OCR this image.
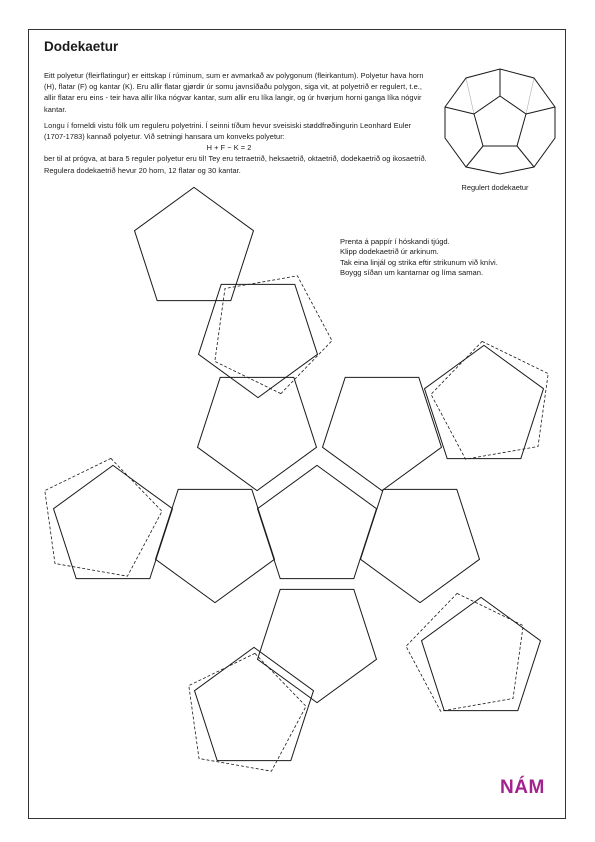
Dodekaetur

Eitt polyetur (fleirflatingur) er eittskap í rúminum, sum er avmarkað av polygonum (fleirkantum). Polyetur hava horn (H), flatar (F) og kantar (K). Eru allir flatar gjørdir úr somu javnsíðaðu polygon, siga vit, at polyetrið er regulert, t.e., allir flatar eru eins - teir hava allir líka nógvar kantar, sum allir eru líka langir, og úr hvørjum horni ganga líka nógvir kantar.

Longu í forneldi vistu fólk um reguleru polyetrini. Í seinni tíðum hevur sveisiski støddfrøðingurin Leonhard Euler (1707-1783) kannað polyetur. Við setningi hansara um konveks polyetur:

H + F − K = 2

ber til at prógva, at bara 5 reguler polyetur eru til! Tey eru tetraetrið, heksaetrið, oktaetrið, dodekaetrið og ikosaetrið. Regulera dodekaetrið hevur 20 horn, 12 flatar og 30 kantar.

Regulert dodekaetur
Prenta á pappír í hóskandi tjúgd.
Klipp dodekaetrið úr arkinum.
Tak eina linjál og strika eftir strikunum við knívi.
Boygg síðan um kantarnar og líma saman.
NÁM
